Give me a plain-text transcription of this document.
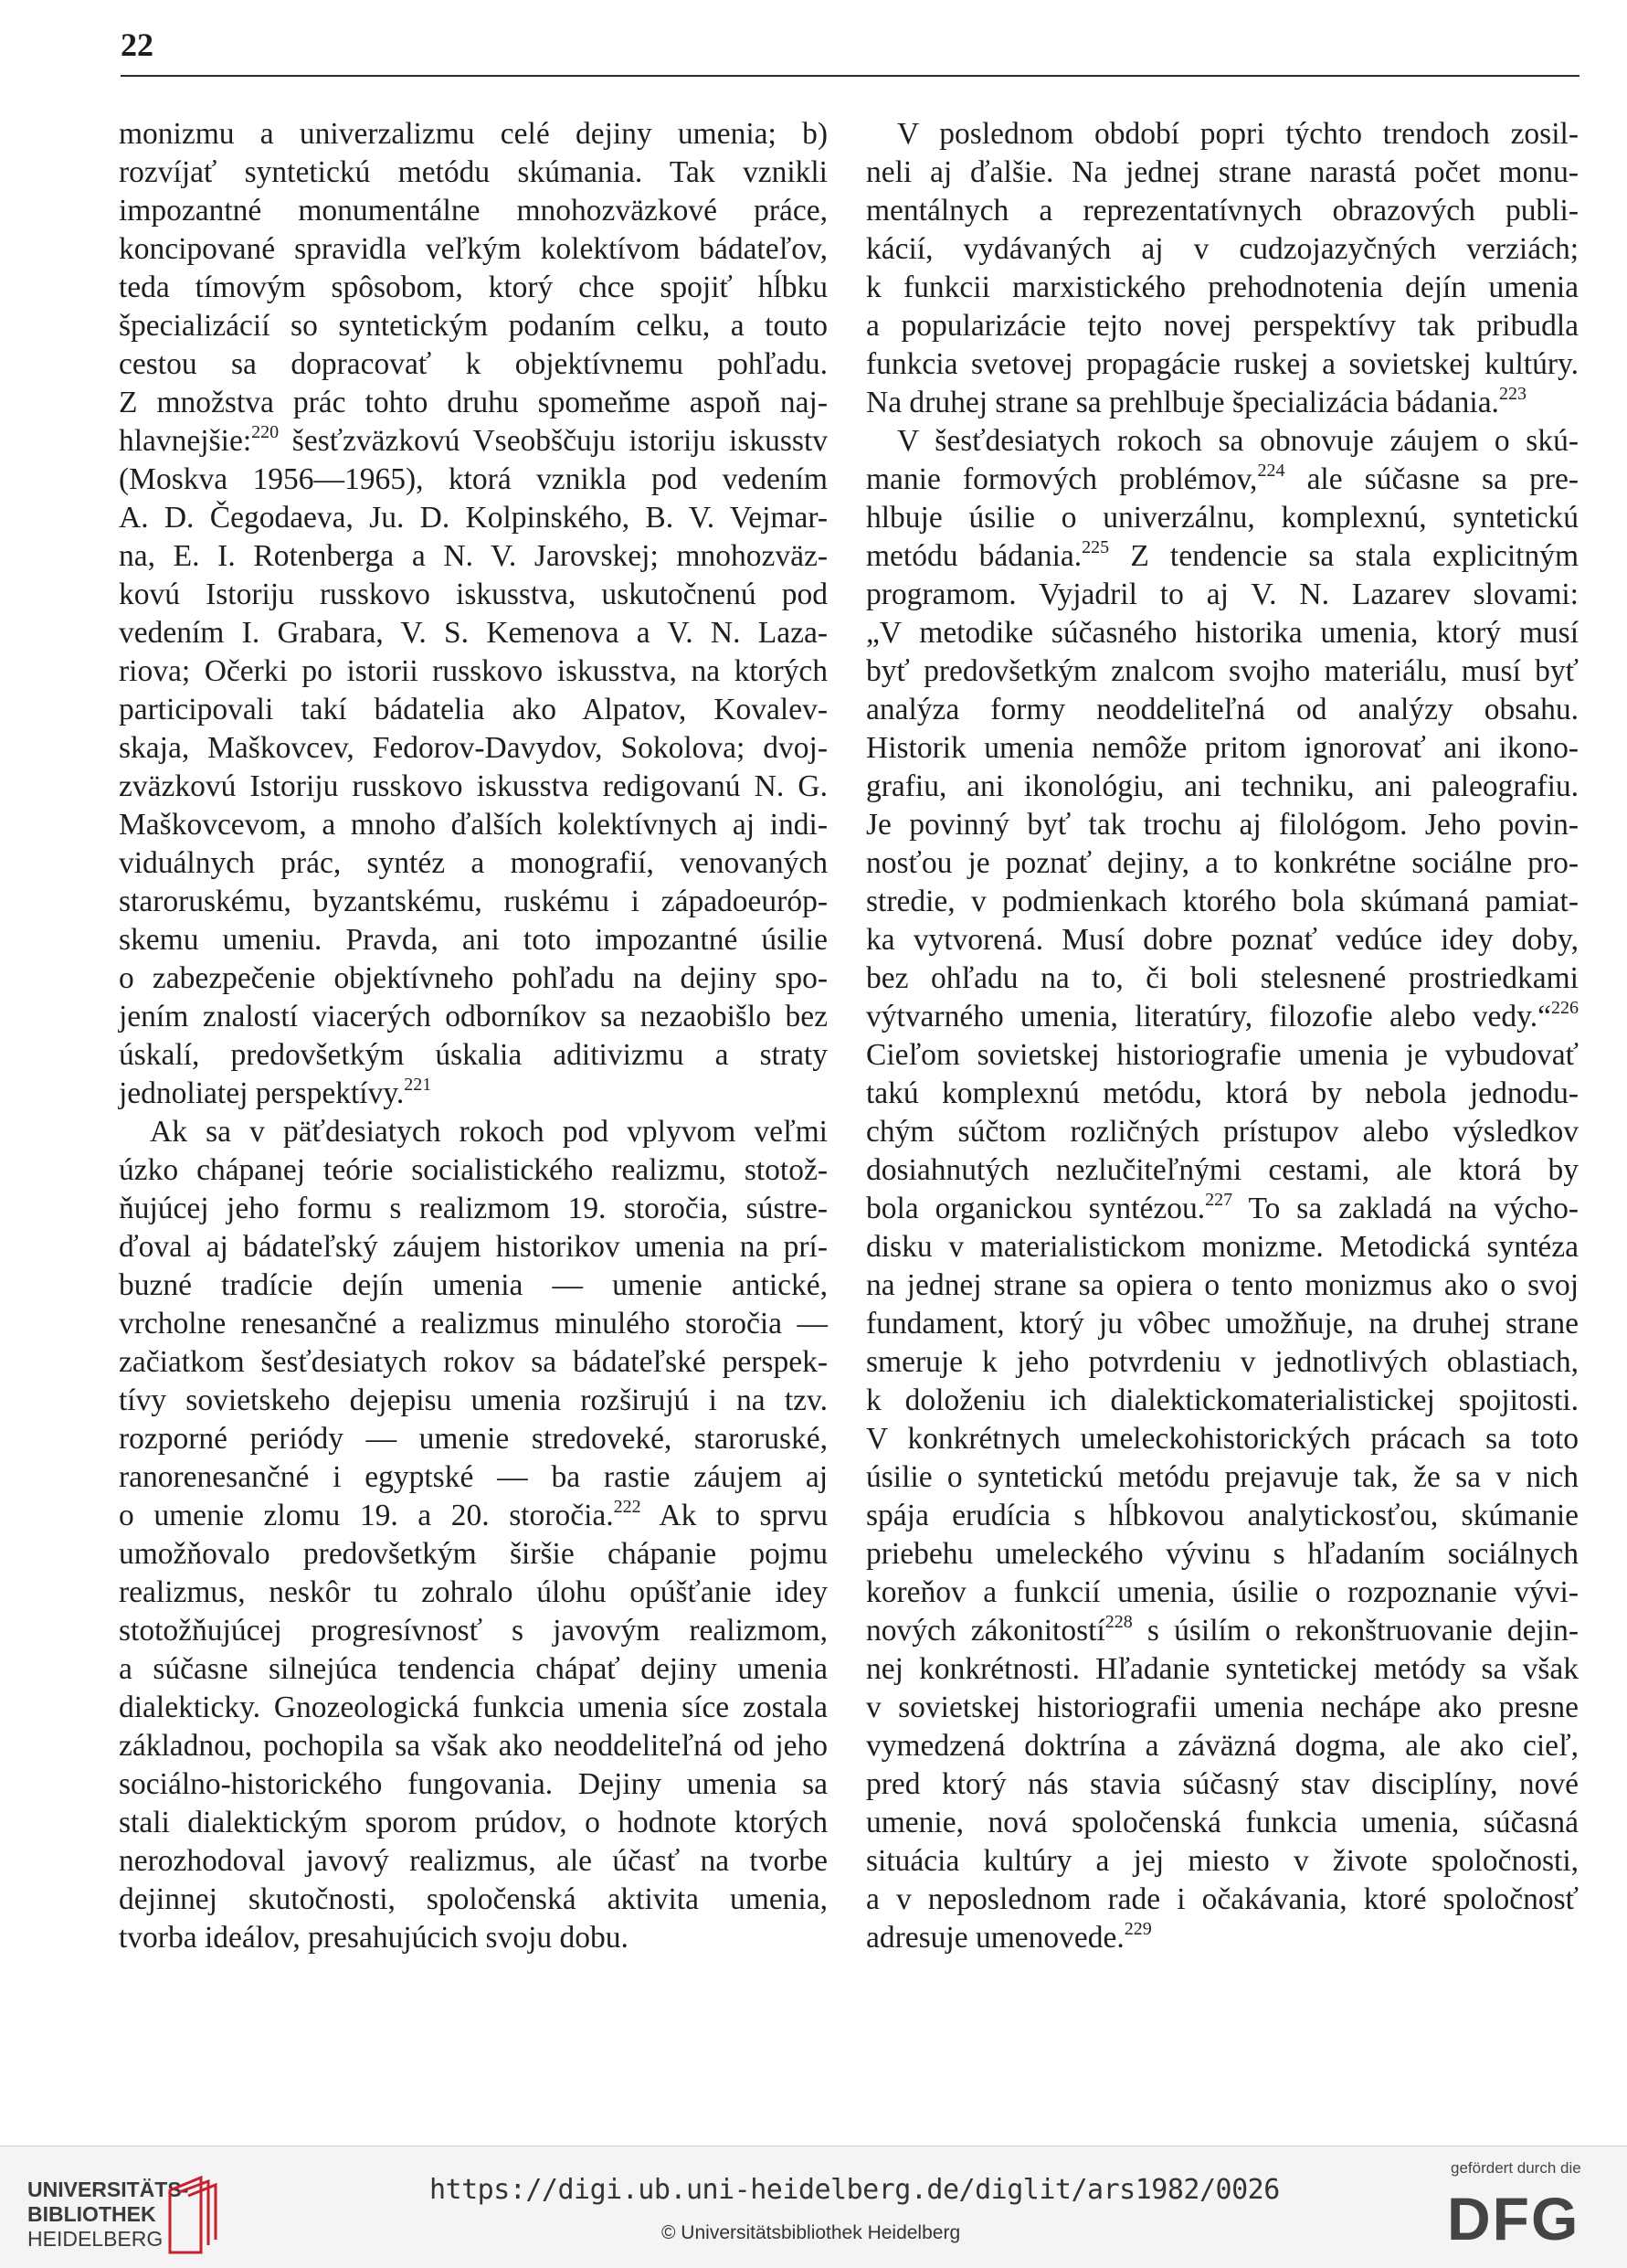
22
monizmu a univerzalizmu celé dejiny umenia; b)
rozvíjať syntetickú metódu skúmania. Tak vznikli
impozantné monumentálne mnohozväzkové práce,
koncipované spravidla veľkým kolektívom bádateľov,
teda tímovým spôsobom, ktorý chce spojiť hĺbku
špecializácií so syntetickým podaním celku, a touto
cestou sa dopracovať k objektívnemu pohľadu.
Z množstva prác tohto druhu spomeňme aspoň naj-
hlavnejšie:$^{220}$ šesťzväzkovú Vseobščuju istoriju iskusstv
(Moskva 1956—1965), ktorá vznikla pod vedením
A. D. Čegodaeva, Ju. D. Kolpinského, B. V. Vejmar-
na, E. I. Rotenberga a N. V. Jarovskej; mnohozväz-
kovú Istoriju russkovo iskusstva, uskutočnenú pod
vedením I. Grabara, V. S. Kemenova a V. N. Laza-
riova; Očerki po istorii russkovo iskusstva, na ktorých
participovali takí bádatelia ako Alpatov, Kovalev-
skaja, Maškovcev, Fedorov-Davydov, Sokolova; dvoj-
zväzkovú Istoriju russkovo iskusstva redigovanú N. G.
Maškovcevom, a mnoho ďalších kolektívnych aj indi-
viduálnych prác, syntéz a monografií, venovaných
staroruskému, byzantskému, ruskému i západoeuróp-
skemu umeniu. Pravda, ani toto impozantné úsilie
o zabezpečenie objektívneho pohľadu na dejiny spo-
jením znalostí viacerých odborníkov sa nezaobišlo bez
úskalí, predovšetkým úskalia aditivizmu a straty
jednoliatej perspektívy.$^{221}$
Ak sa v päťdesiatych rokoch pod vplyvom veľmi
úzko chápanej teórie socialistického realizmu, stotož-
ňujúcej jeho formu s realizmom 19. storočia, sústre-
ďoval aj bádateľský záujem historikov umenia na prí-
buzné tradície dejín umenia — umenie antické,
vrcholne renesančné a realizmus minulého storočia —
začiatkom šesťdesiatych rokov sa bádateľské perspek-
tívy sovietskeho dejepisu umenia rozširujú i na tzv.
rozporné periódy — umenie stredoveké, staroruské,
ranorenesančné i egyptské — ba rastie záujem aj
o umenie zlomu 19. a 20. storočia.$^{222}$ Ak to sprvu
umožňovalo predovšetkým širšie chápanie pojmu
realizmus, neskôr tu zohralo úlohu opúšťanie idey
stotožňujúcej progresívnosť s javovým realizmom,
a súčasne silnejúca tendencia chápať dejiny umenia
dialekticky. Gnozeologická funkcia umenia síce zostala
základnou, pochopila sa však ako neoddeliteľná od jeho
sociálno-historického fungovania. Dejiny umenia sa
stali dialektickým sporom prúdov, o hodnote ktorých
nerozhodoval javový realizmus, ale účasť na tvorbe
dejinnej skutočnosti, spoločenská aktivita umenia,
tvorba ideálov, presahujúcich svoju dobu.
V poslednom období popri týchto trendoch zosil-
neli aj ďalšie. Na jednej strane narastá počet monu-
mentálnych a reprezentatívnych obrazových publi-
kácií, vydávaných aj v cudzojazyčných verziách;
k funkcii marxistického prehodnotenia dejín umenia
a popularizácie tejto novej perspektívy tak pribudla
funkcia svetovej propagácie ruskej a sovietskej kultúry.
Na druhej strane sa prehlbuje špecializácia bádania.$^{223}$
V šesťdesiatych rokoch sa obnovuje záujem o skú-
manie formových problémov,$^{224}$ ale súčasne sa pre-
hlbuje úsilie o univerzálnu, komplexnú, syntetickú
metódu bádania.$^{225}$ Z tendencie sa stala explicitným
programom. Vyjadril to aj V. N. Lazarev slovami:
„V metodike súčasného historika umenia, ktorý musí
byť predovšetkým znalcom svojho materiálu, musí byť
analýza formy neoddeliteľná od analýzy obsahu.
Historik umenia nemôže pritom ignorovať ani ikono-
grafiu, ani ikonológiu, ani techniku, ani paleografiu.
Je povinný byť tak trochu aj filológom. Jeho povin-
nosťou je poznať dejiny, a to konkrétne sociálne pro-
stredie, v podmienkach ktorého bola skúmaná pamiat-
ka vytvorená. Musí dobre poznať vedúce idey doby,
bez ohľadu na to, či boli stelesnené prostriedkami
výtvarného umenia, literatúry, filozofie alebo vedy.“$^{226}$
Cieľom sovietskej historiografie umenia je vybudovať
takú komplexnú metódu, ktorá by nebola jednodu-
chým súčtom rozličných prístupov alebo výsledkov
dosiahnutých nezlučiteľnými cestami, ale ktorá by
bola organickou syntézou.$^{227}$ To sa zakladá na výcho-
disku v materialistickom monizme. Metodická syntéza
na jednej strane sa opiera o tento monizmus ako o svoj
fundament, ktorý ju vôbec umožňuje, na druhej strane
smeruje k jeho potvrdeniu v jednotlivých oblastiach,
k doloženiu ich dialektickomaterialistickej spojitosti.
V konkrétnych umeleckohistorických prácach sa toto
úsilie o syntetickú metódu prejavuje tak, že sa v nich
spája erudícia s hĺbkovou analytickosťou, skúmanie
priebehu umeleckého vývinu s hľadaním sociálnych
koreňov a funkcií umenia, úsilie o rozpoznanie vývi-
nových zákonitostí$^{228}$ s úsilím o rekonštruovanie dejin-
nej konkrétnosti. Hľadanie syntetickej metódy sa však
v sovietskej historiografii umenia nechápe ako presne
vymedzená doktrína a záväzná dogma, ale ako cieľ,
pred ktorý nás stavia súčasný stav disciplíny, nové
umenie, nová spoločenská funkcia umenia, súčasná
situácia kultúry a jej miesto v živote spoločnosti,
a v neposlednom rade i očakávania, ktoré spoločnosť
adresuje umenovede.$^{229}$
UNIVERSITÄTS-
BIBLIOTHEK
HEIDELBERG
https://digi.ub.uni-heidelberg.de/diglit/ars1982/0026
© Universitätsbibliothek Heidelberg
gefördert durch die
DFG
